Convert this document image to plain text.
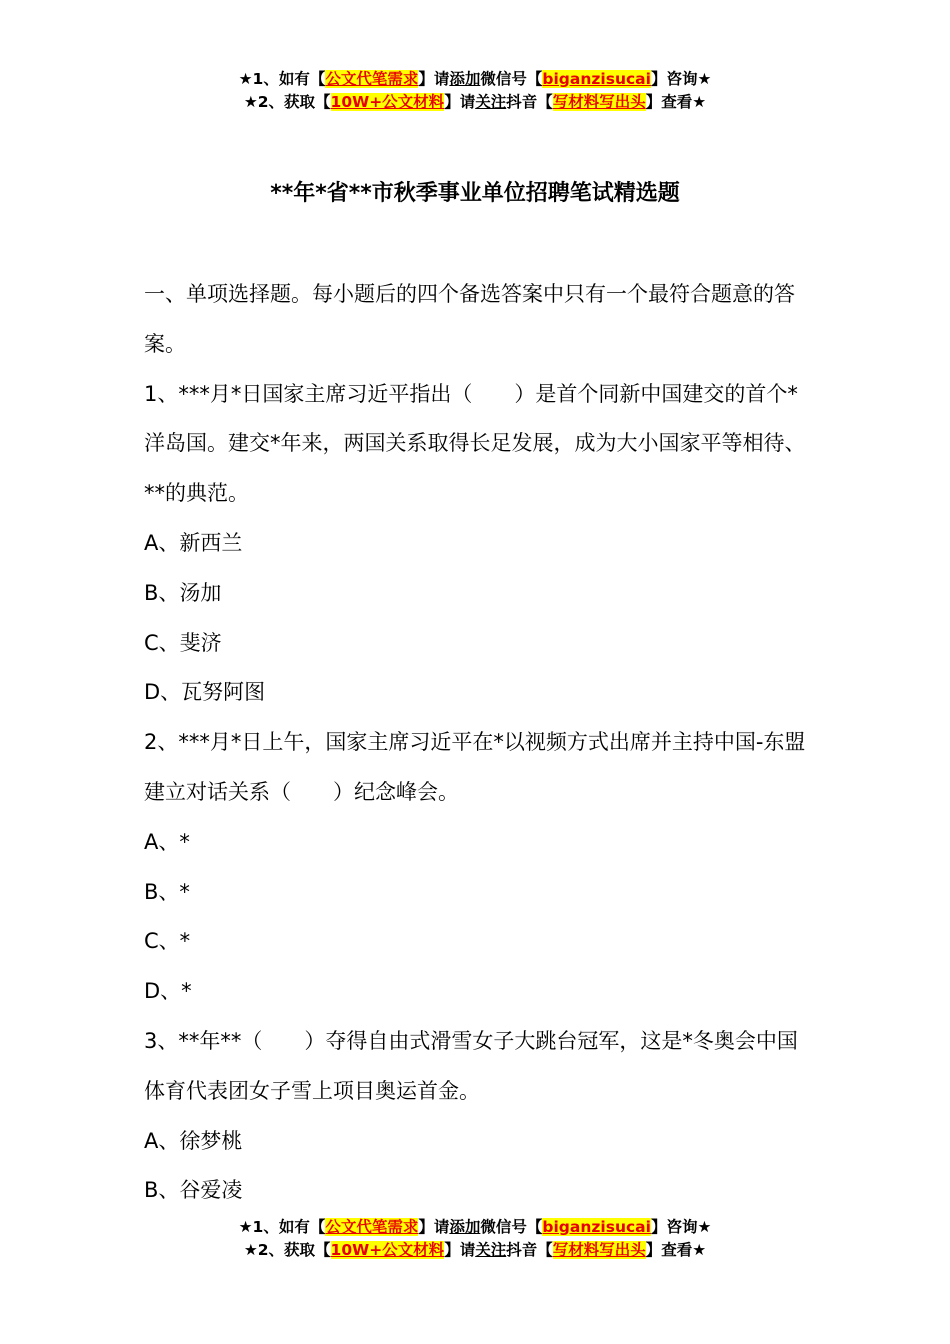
★1、如有【公文代笔需求】请添加微信号【biganzisucai】咨询★
★2、获取【10W+公文材料】请关注抖音【写材料写出头】查看★
**年*省**市秋季事业单位招聘笔试精选题

一、单项选择题。每小题后的四个备选答案中只有一个最符合题意的答案。

1、***月*日国家主席习近平指出（　　）是首个同新中国建交的首个*洋岛国。建交*年来，两国关系取得长足发展，成为大小国家平等相待、**的典范。

A、新西兰

B、汤加

C、斐济

D、瓦努阿图

2、***月*日上午，国家主席习近平在*以视频方式出席并主持中国-东盟建立对话关系（　　）纪念峰会。

A、*

B、*

C、*

D、*

3、**年**（　　）夺得自由式滑雪女子大跳台冠军，这是*冬奥会中国体育代表团女子雪上项目奥运首金。

A、徐梦桃

B、谷爱凌

★1、如有【公文代笔需求】请添加微信号【biganzisucai】咨询★
★2、获取【10W+公文材料】请关注抖音【写材料写出头】查看★
